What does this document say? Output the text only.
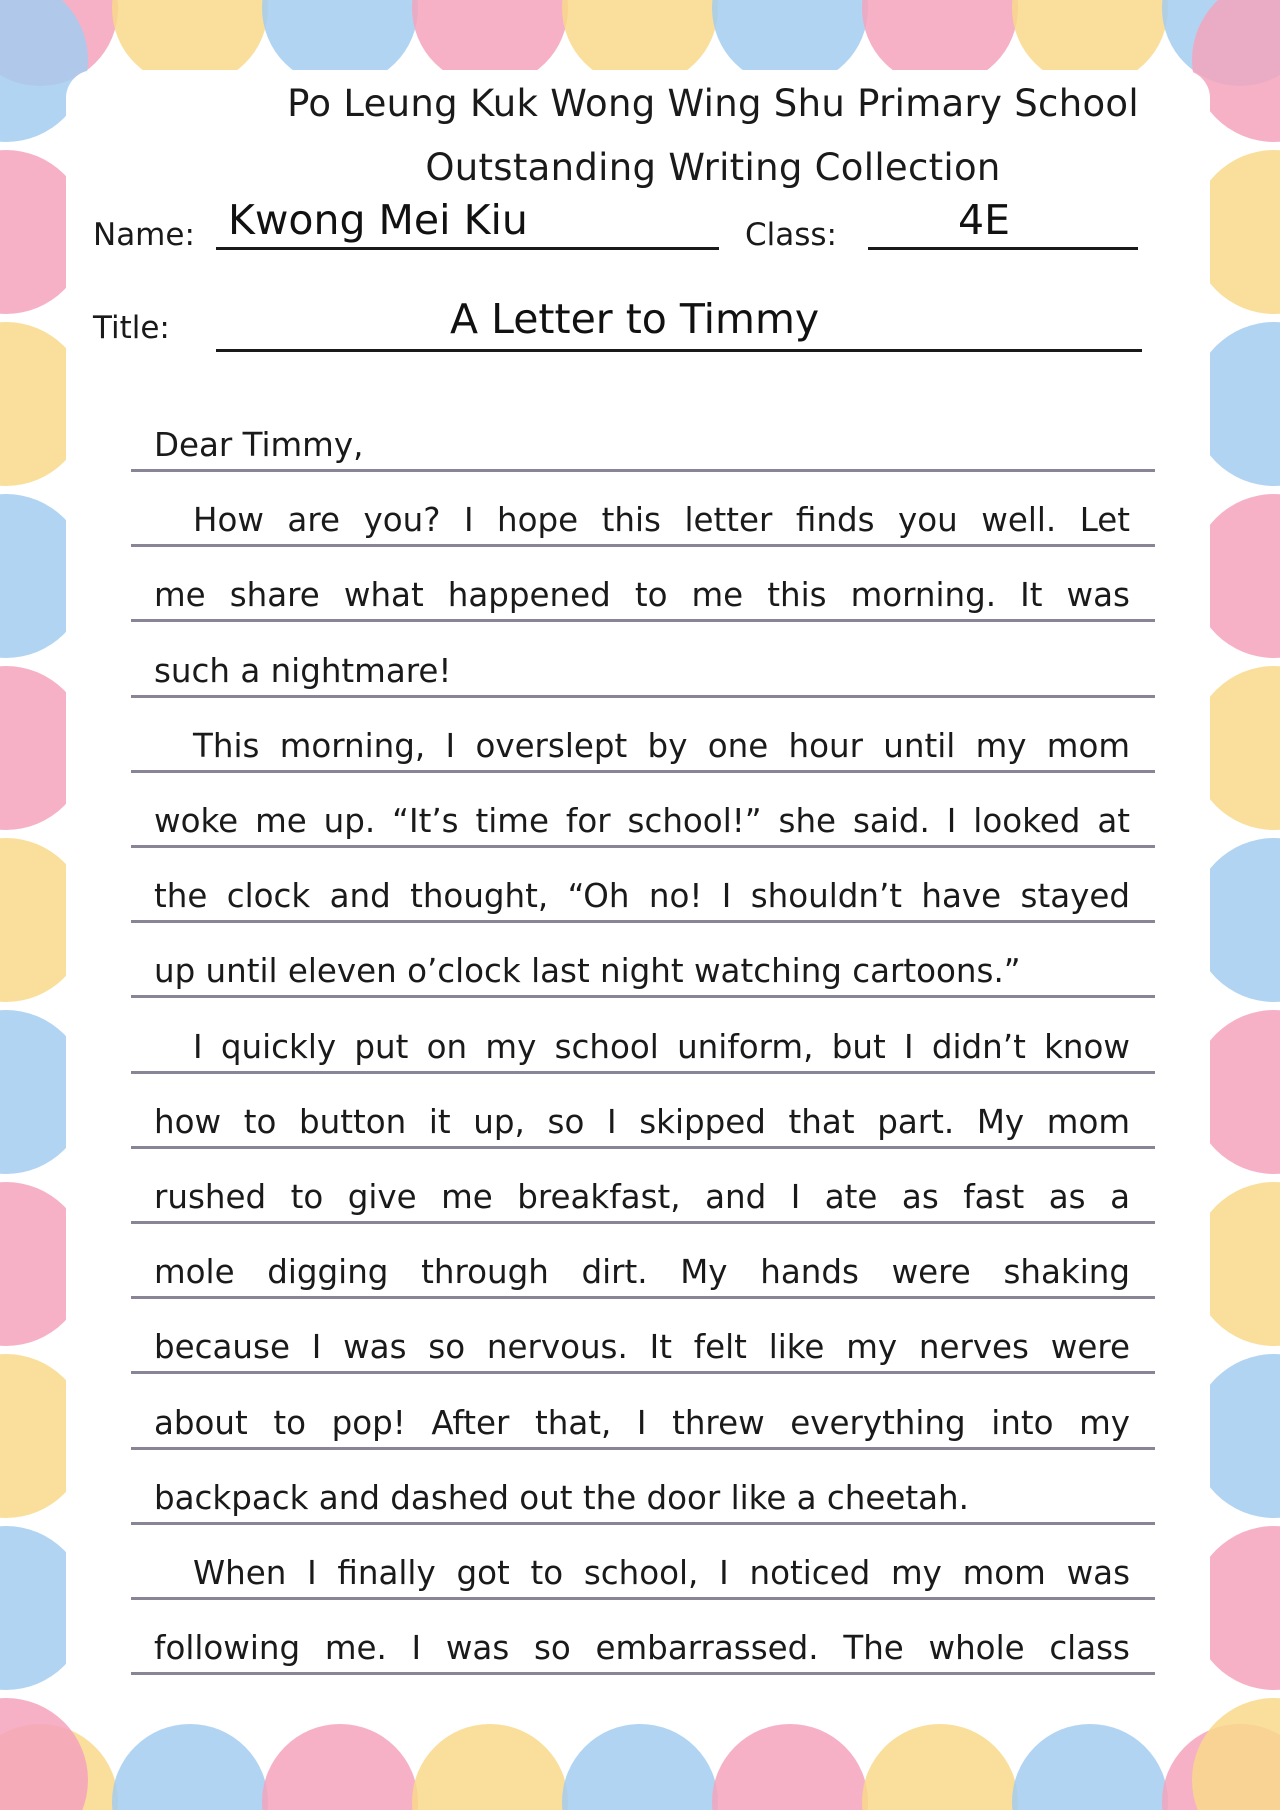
Po Leung Kuk Wong Wing Shu Primary School
Outstanding Writing Collection
Name: Kwong Mei Kiu	Class:	4E
Title:	A Letter to Timmy
Dear Timmy,
How are you? I hope this letter finds you well. Let
me share what happened to me this morning. It was
such a nightmare!
This morning, I overslept by one hour until my mom
woke me up. “It’s time for school!” she said. I looked at
the clock and thought, “Oh no! I shouldn’t have stayed
up until eleven o’clock last night watching cartoons.”
I quickly put on my school uniform, but I didn’t know
how to button it up, so I skipped that part. My mom
rushed to give me breakfast, and I ate as fast as a
mole digging through dirt. My hands were shaking
because I was so nervous. It felt like my nerves were
about to pop! After that, I threw everything into my
backpack and dashed out the door like a cheetah.
When I finally got to school, I noticed my mom was
following me. I was so embarrassed. The whole class
